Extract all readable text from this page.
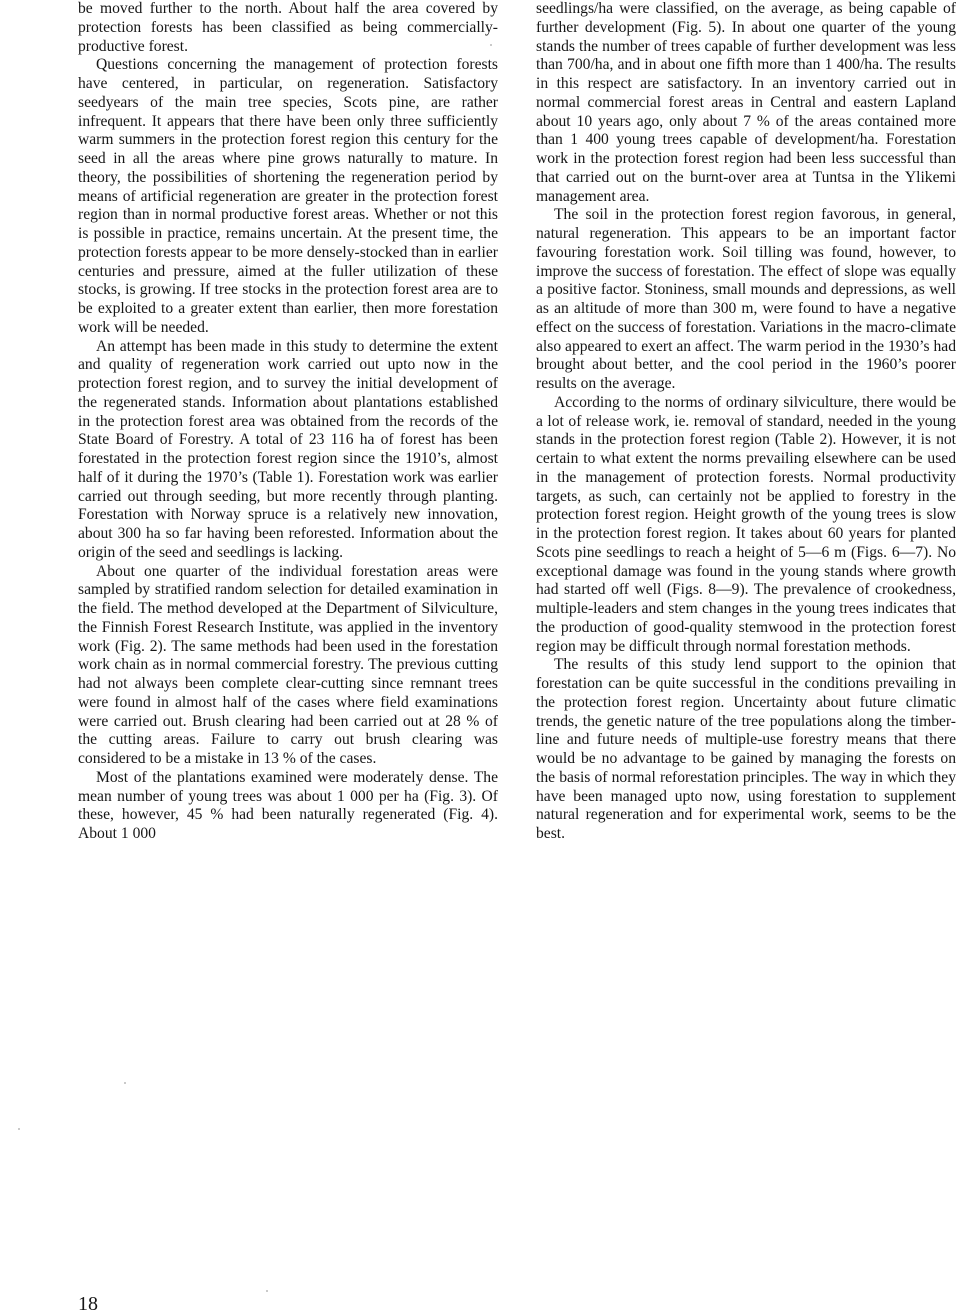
be moved further to the north. About half the area covered by protection forests has been classified as being commercially-productive forest.

Questions concerning the management of protection forests have centered, in particular, on regeneration. Satisfactory seedyears of the main tree species, Scots pine, are rather infrequent. It appears that there have been only three sufficiently warm summers in the protection forest region this century for the seed in all the areas where pine grows naturally to mature. In theory, the possibilities of shortening the regeneration period by means of artificial regeneration are greater in the protection forest region than in normal productive forest areas. Whether or not this is possible in practice, remains uncertain. At the present time, the protection forests appear to be more densely-stocked than in earlier centuries and pressure, aimed at the fuller utilization of these stocks, is growing. If tree stocks in the protection forest area are to be exploited to a greater extent than earlier, then more forestation work will be needed.

An attempt has been made in this study to determine the extent and quality of regeneration work carried out upto now in the protection forest region, and to survey the initial development of the regenerated stands. Information about plantations established in the protection forest area was obtained from the records of the State Board of Forestry. A total of 23 116 ha of forest has been forestated in the protection forest region since the 1910’s, almost half of it during the 1970’s (Table 1). Forestation work was earlier carried out through seeding, but more recently through planting. Forestation with Norway spruce is a relatively new innovation, about 300 ha so far having been reforested. Information about the origin of the seed and seedlings is lacking.

About one quarter of the individual forestation areas were sampled by stratified random selection for detailed examination in the field. The method developed at the Department of Silviculture, the Finnish Forest Research Institute, was applied in the inventory work (Fig. 2). The same methods had been used in the forestation work chain as in normal commercial forestry. The previous cutting had not always been complete clear-cutting since remnant trees were found in almost half of the cases where field examinations were carried out. Brush clearing had been carried out at 28 % of the cutting areas. Failure to carry out brush clearing was considered to be a mistake in 13 % of the cases.

Most of the plantations examined were moderately dense. The mean number of young trees was about 1 000 per ha (Fig. 3). Of these, however, 45 % had been naturally regenerated (Fig. 4). About 1 000

seedlings/ha were classified, on the average, as being capable of further development (Fig. 5). In about one quarter of the young stands the number of trees capable of further development was less than 700/ha, and in about one fifth more than 1 400/ha. The results in this respect are satisfactory. In an inventory carried out in normal commercial forest areas in Central and eastern Lapland about 10 years ago, only about 7 % of the areas contained more than 1 400 young trees capable of development/ha. Forestation work in the protection forest region had been less successful than that carried out on the burnt-over area at Tuntsa in the Ylikemi management area.

The soil in the protection forest region favorous, in general, natural regeneration. This appears to be an important factor favouring forestation work. Soil tilling was found, however, to improve the success of forestation. The effect of slope was equally a positive factor. Stoniness, small mounds and depressions, as well as an altitude of more than 300 m, were found to have a negative effect on the success of forestation. Variations in the macro-climate also appeared to exert an affect. The warm period in the 1930’s had brought about better, and the cool period in the 1960’s poorer results on the average.

According to the norms of ordinary silviculture, there would be a lot of release work, ie. removal of standard, needed in the young stands in the protection forest region (Table 2). However, it is not certain to what extent the norms prevailing elsewhere can be used in the management of protection forests. Normal productivity targets, as such, can certainly not be applied to forestry in the protection forest region. Height growth of the young trees is slow in the protection forest region. It takes about 60 years for planted Scots pine seedlings to reach a height of 5—6 m (Figs. 6—7). No exceptional damage was found in the young stands where growth had started off well (Figs. 8—9). The prevalence of crookedness, multiple-leaders and stem changes in the young trees indicates that the production of good-quality stemwood in the protection forest region may be difficult through normal forestation methods.

The results of this study lend support to the opinion that forestation can be quite successful in the conditions prevailing in the protection forest region. Uncertainty about future climatic trends, the genetic nature of the tree populations along the timber-line and future needs of multiple-use forestry means that there would be no advantage to be gained by managing the forests on the basis of normal reforestation principles. The way in which they have been managed upto now, using forestation to supplement natural regeneration and for experimental work, seems to be the best.

18
